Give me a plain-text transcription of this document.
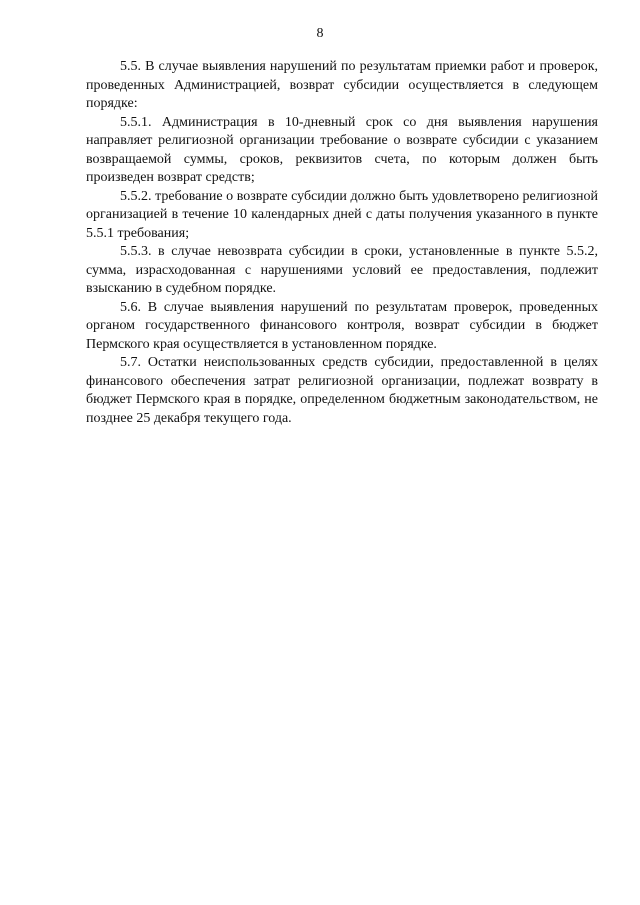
8

5.5. В случае выявления нарушений по результатам приемки работ и проверок, проведенных Администрацией, возврат субсидии осуществляется в следующем порядке:

5.5.1. Администрация в 10-дневный срок со дня выявления нарушения направляет религиозной организации требование о возврате субсидии с указанием возвращаемой суммы, сроков, реквизитов счета, по которым должен быть произведен возврат средств;

5.5.2. требование о возврате субсидии должно быть удовлетворено религиозной организацией в течение 10 календарных дней с даты получения указанного в пункте 5.5.1 требования;

5.5.3. в случае невозврата субсидии в сроки, установленные в пункте 5.5.2, сумма, израсходованная с нарушениями условий ее предоставления, подлежит взысканию в судебном порядке.

5.6. В случае выявления нарушений по результатам проверок, проведенных органом государственного финансового контроля, возврат субсидии в бюджет Пермского края осуществляется в установленном порядке.

5.7. Остатки неиспользованных средств субсидии, предоставленной в целях финансового обеспечения затрат религиозной организации, подлежат возврату в бюджет Пермского края в порядке, определенном бюджетным законодательством, не позднее 25 декабря текущего года.
